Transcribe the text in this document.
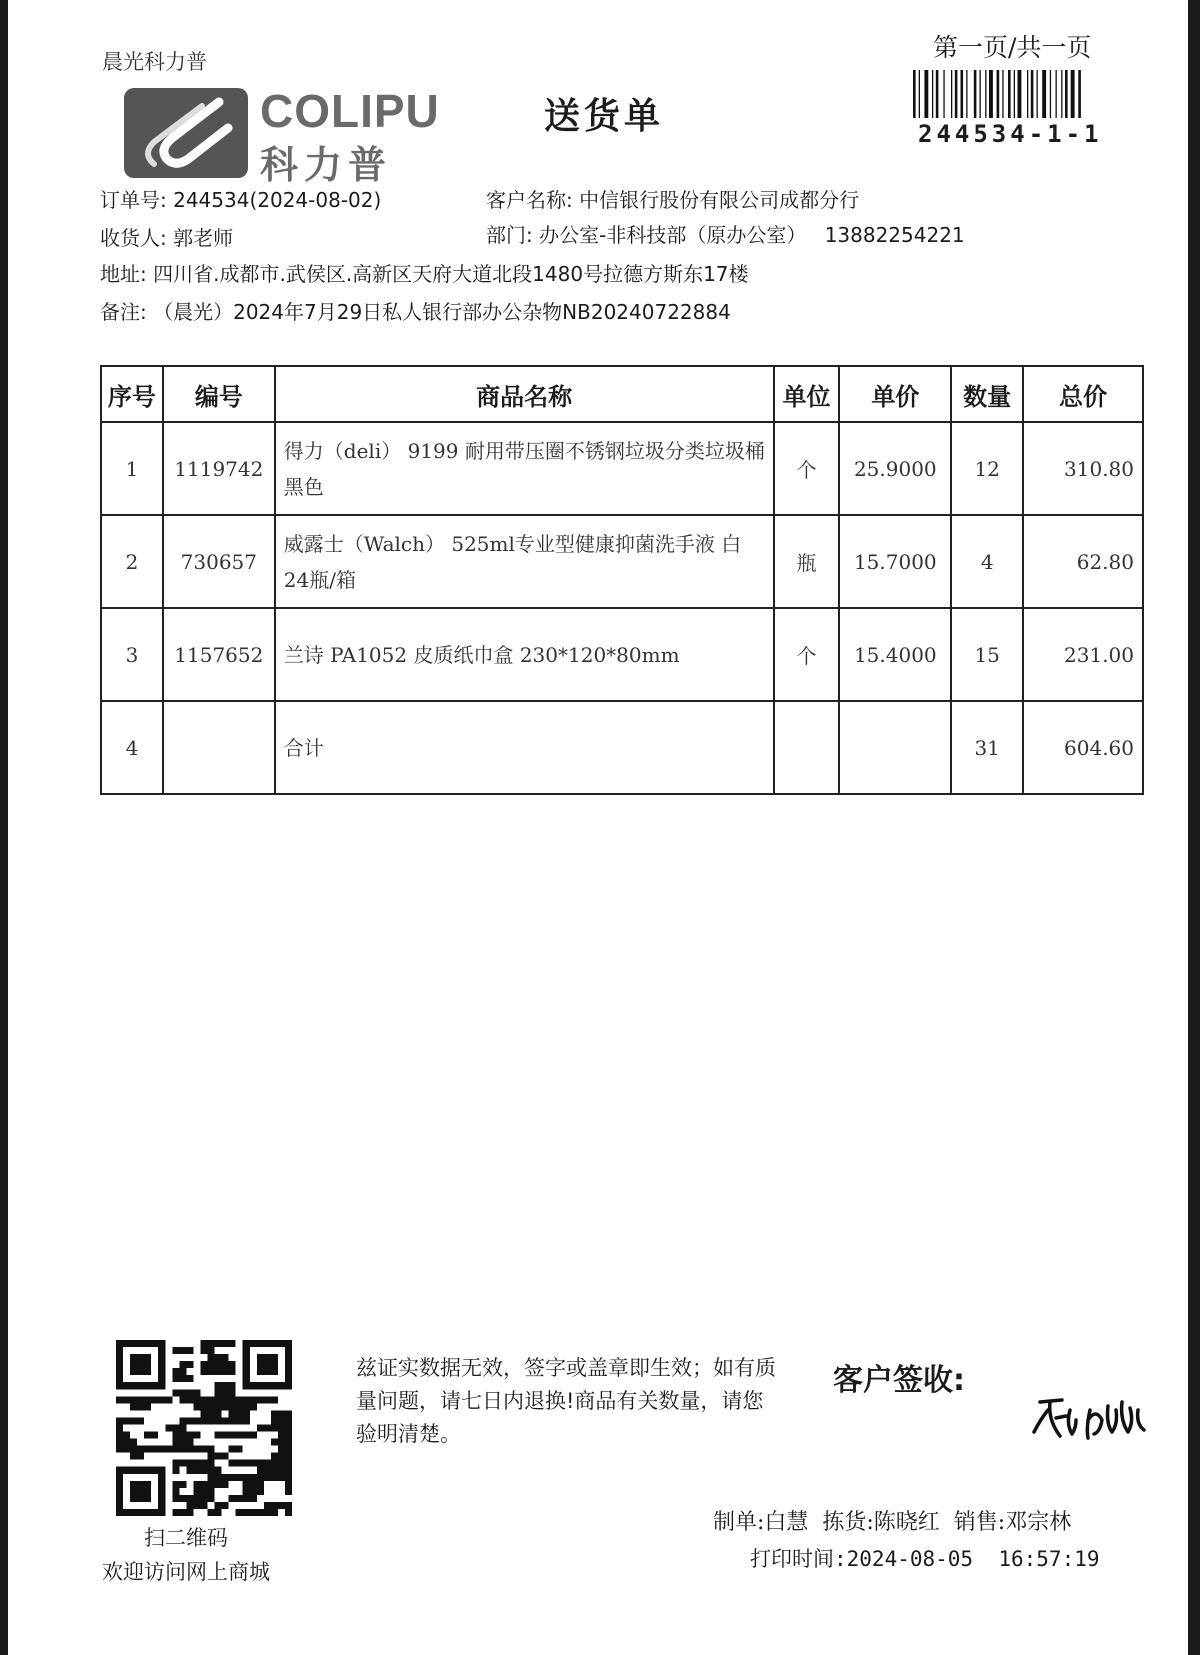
晨光科力普
COLIPU
科力普
送货单
第一页/共一页
244534-1-1
订单号: 244534(2024-08-02)	客户名称: 中信银行股份有限公司成都分行
收货人: 郭老师	部门: 办公室-非科技部（原办公室） 13882254221
地址: 四川省.成都市.武侯区.高新区天府大道北段1480号拉德方斯东17楼
备注: （晨光）2024年7月29日私人银行部办公杂物NB20240722884
序号	编号	商品名称	单位	单价	数量	总价
1	1119742	得力（deli） 9199 耐用带压圈不锈钢垃圾分类垃圾桶 黑色	个	25.9000	12	310.80
2	730657	威露士（Walch） 525ml专业型健康抑菌洗手液 白 24瓶/箱	瓶	15.7000	4	62.80
3	1157652	兰诗 PA1052 皮质纸巾盒 230*120*80mm	个	15.4000	15	231.00
4		合计			31	604.60
扫二维码
欢迎访问网上商城
兹证实数据无效，签字或盖章即生效；如有质量问题，请七日内退换!商品有关数量，请您验明清楚。
客户签收:
制单:白慧  拣货:陈晓红  销售:邓宗林
打印时间:2024-08-05  16:57:19
